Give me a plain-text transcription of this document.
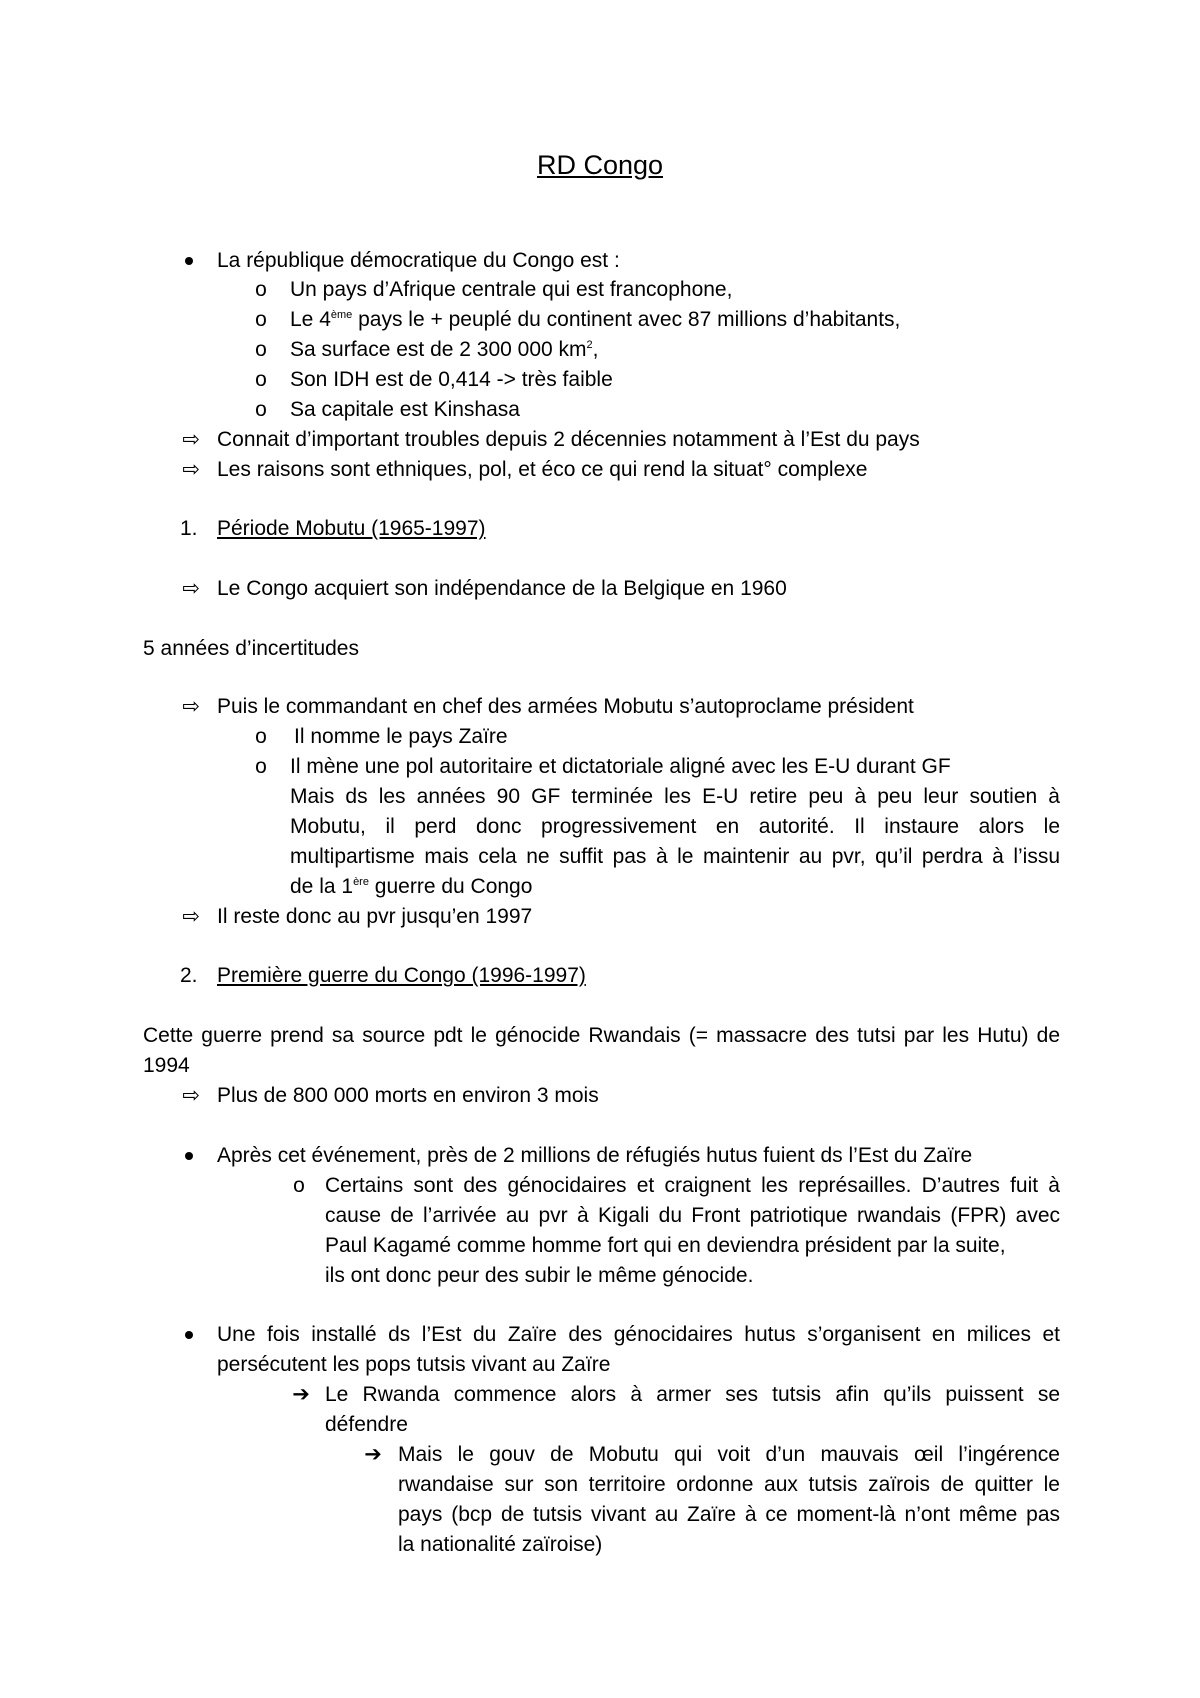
RD Congo
La république démocratique du Congo est :
o Un pays d’Afrique centrale qui est francophone,
o Le 4ème pays le + peuplé du continent avec 87 millions d’habitants,
o Sa surface est de 2 300 000 $km^2$,
o Son IDH est de 0,414 -> très faible
o Sa capitale est Kinshasa
⇨ Connait d’important troubles depuis 2 décennies notamment à l’Est du pays
⇨ Les raisons sont ethniques, pol, et éco ce qui rend la situat° complexe
1. Période Mobutu (1965-1997)
⇨ Le Congo acquiert son indépendance de la Belgique en 1960
5 années d’incertitudes
⇨ Puis le commandant en chef des armées Mobutu s’autoproclame président
o Il nomme le pays Zaïre
o Il mène une pol autoritaire et dictatoriale aligné avec les E-U durant GF
Mais ds les années 90 GF terminée les E-U retire peu à peu leur soutien à
Mobutu, il perd donc progressivement en autorité. Il instaure alors le
multipartisme mais cela ne suffit pas à le maintenir au pvr, qu’il perdra à l’issu
de la 1ère guerre du Congo
⇨ Il reste donc au pvr jusqu’en 1997
2. Première guerre du Congo (1996-1997)
Cette guerre prend sa source pdt le génocide Rwandais (= massacre des tutsi par les Hutu) de
1994
⇨ Plus de 800 000 morts en environ 3 mois
Après cet événement, près de 2 millions de réfugiés hutus fuient ds l’Est du Zaïre
o Certains sont des génocidaires et craignent les représailles. D’autres fuit à
cause de l’arrivée au pvr à Kigali du Front patriotique rwandais (FPR) avec
Paul Kagamé comme homme fort qui en deviendra président par la suite,
ils ont donc peur des subir le même génocide.
Une fois installé ds l’Est du Zaïre des génocidaires hutus s’organisent en milices et
persécutent les pops tutsis vivant au Zaïre
➔ Le Rwanda commence alors à armer ses tutsis afin qu’ils puissent se
défendre
➔ Mais le gouv de Mobutu qui voit d’un mauvais œil l’ingérence
rwandaise sur son territoire ordonne aux tutsis zaïrois de quitter le
pays (bcp de tutsis vivant au Zaïre à ce moment-là n’ont même pas
la nationalité zaïroise)
